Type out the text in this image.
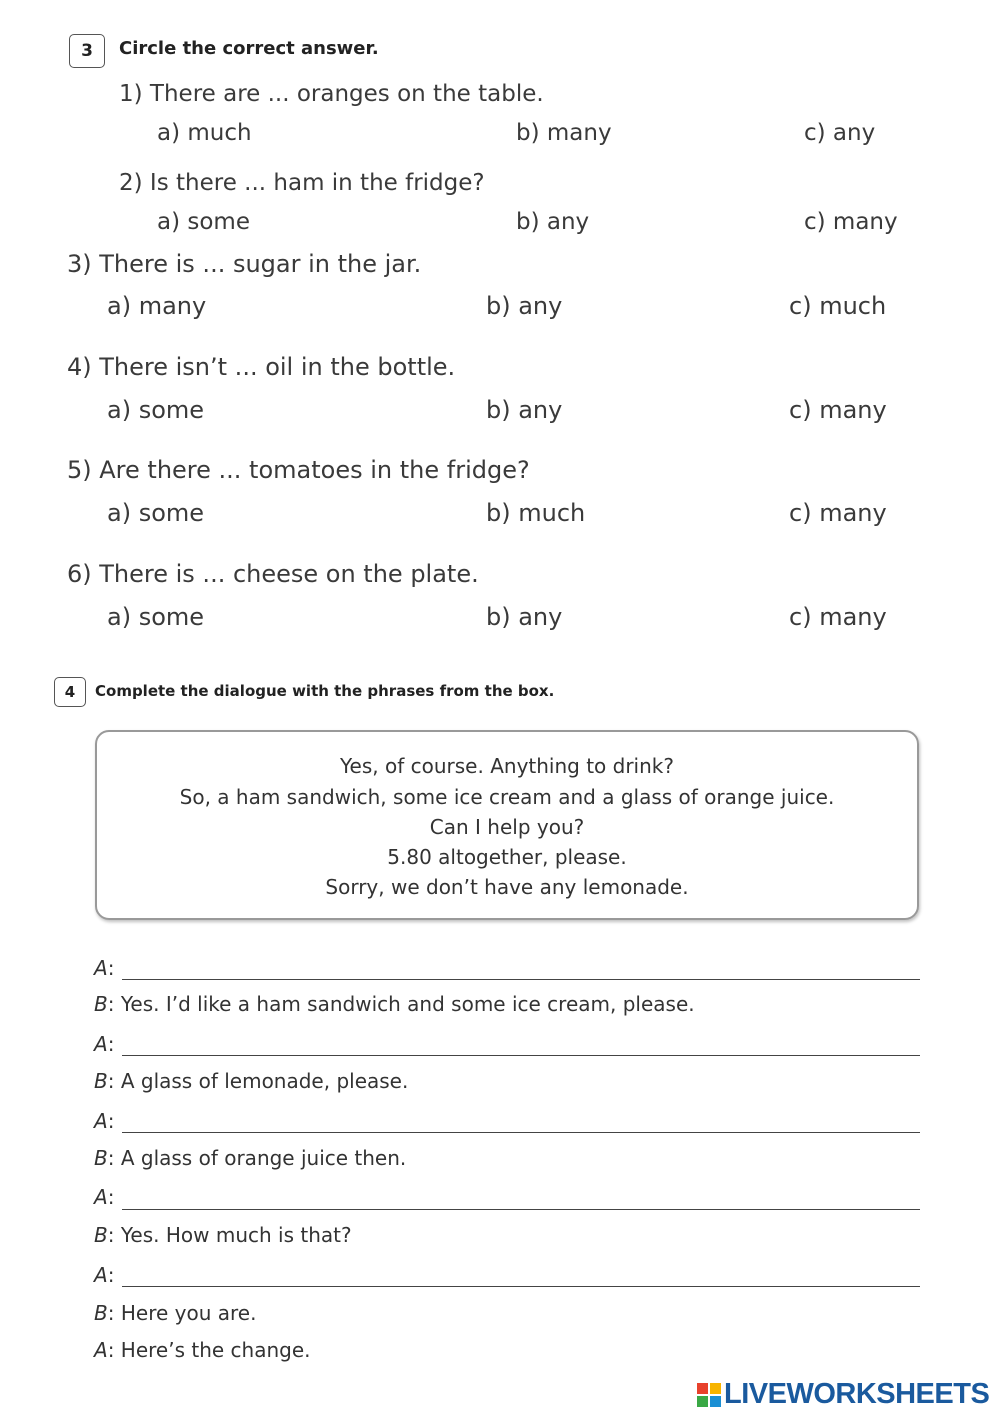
3	Circle the correct answer.
1) There are ... oranges on the table.
a) much	b) many	c) any
2) Is there ... ham in the fridge?
a) some	b) any	c) many
3) There is ... sugar in the jar.
a) many	b) any	c) much
4) There isn’t ... oil in the bottle.
a) some	b) any	c) many
5) Are there ... tomatoes in the fridge?
a) some	b) much	c) many
6) There is ... cheese on the plate.
a) some	b) any	c) many
4	Complete the dialogue with the phrases from the box.
Yes, of course. Anything to drink?
So, a ham sandwich, some ice cream and a glass of orange juice.
Can I help you?
5.80 altogether, please.
Sorry, we don’t have any lemonade.
A:
B: Yes. I’d like a ham sandwich and some ice cream, please.
A:
B: A glass of lemonade, please.
A:
B: A glass of orange juice then.
A:
B: Yes. How much is that?
A:
B: Here you are.
A: Here’s the change.
LIVEWORKSHEETS
